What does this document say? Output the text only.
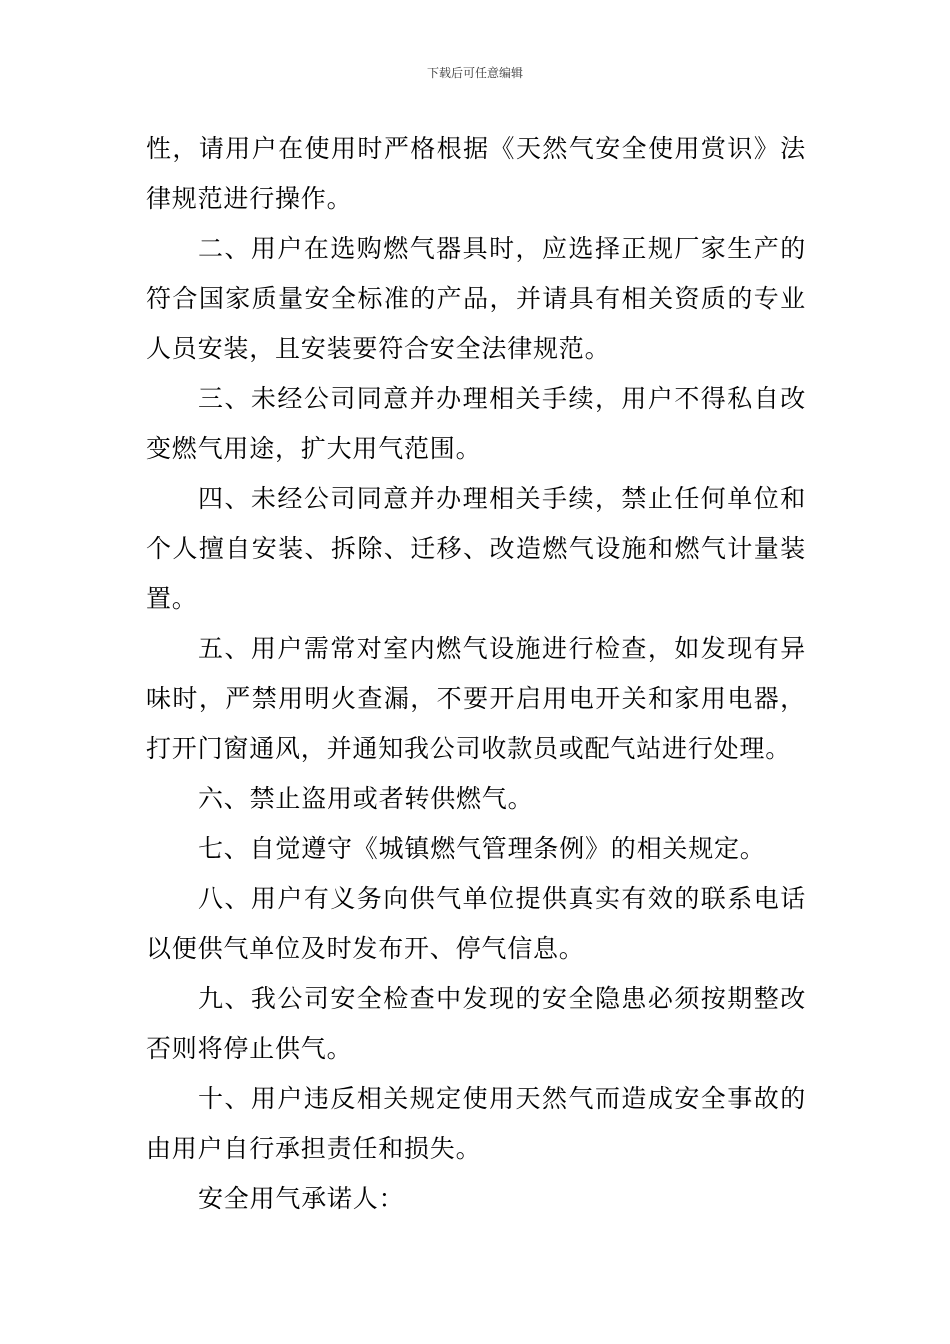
下载后可任意编辑

性，请用户在使用时严格根据《天然气安全使用赏识》法律规范进行操作。

二、用户在选购燃气器具时，应选择正规厂家生产的符合国家质量安全标准的产品，并请具有相关资质的专业人员安装，且安装要符合安全法律规范。

三、未经公司同意并办理相关手续，用户不得私自改变燃气用途，扩大用气范围。

四、未经公司同意并办理相关手续，禁止任何单位和个人擅自安装、拆除、迁移、改造燃气设施和燃气计量装置。

五、用户需常对室内燃气设施进行检查，如发现有异味时，严禁用明火查漏，不要开启用电开关和家用电器，打开门窗通风，并通知我公司收款员或配气站进行处理。

六、禁止盗用或者转供燃气。

七、自觉遵守《城镇燃气管理条例》的相关规定。

八、用户有义务向供气单位提供真实有效的联系电话以便供气单位及时发布开、停气信息。

九、我公司安全检查中发现的安全隐患必须按期整改否则将停止供气。

十、用户违反相关规定使用天然气而造成安全事故的由用户自行承担责任和损失。

安全用气承诺人：
